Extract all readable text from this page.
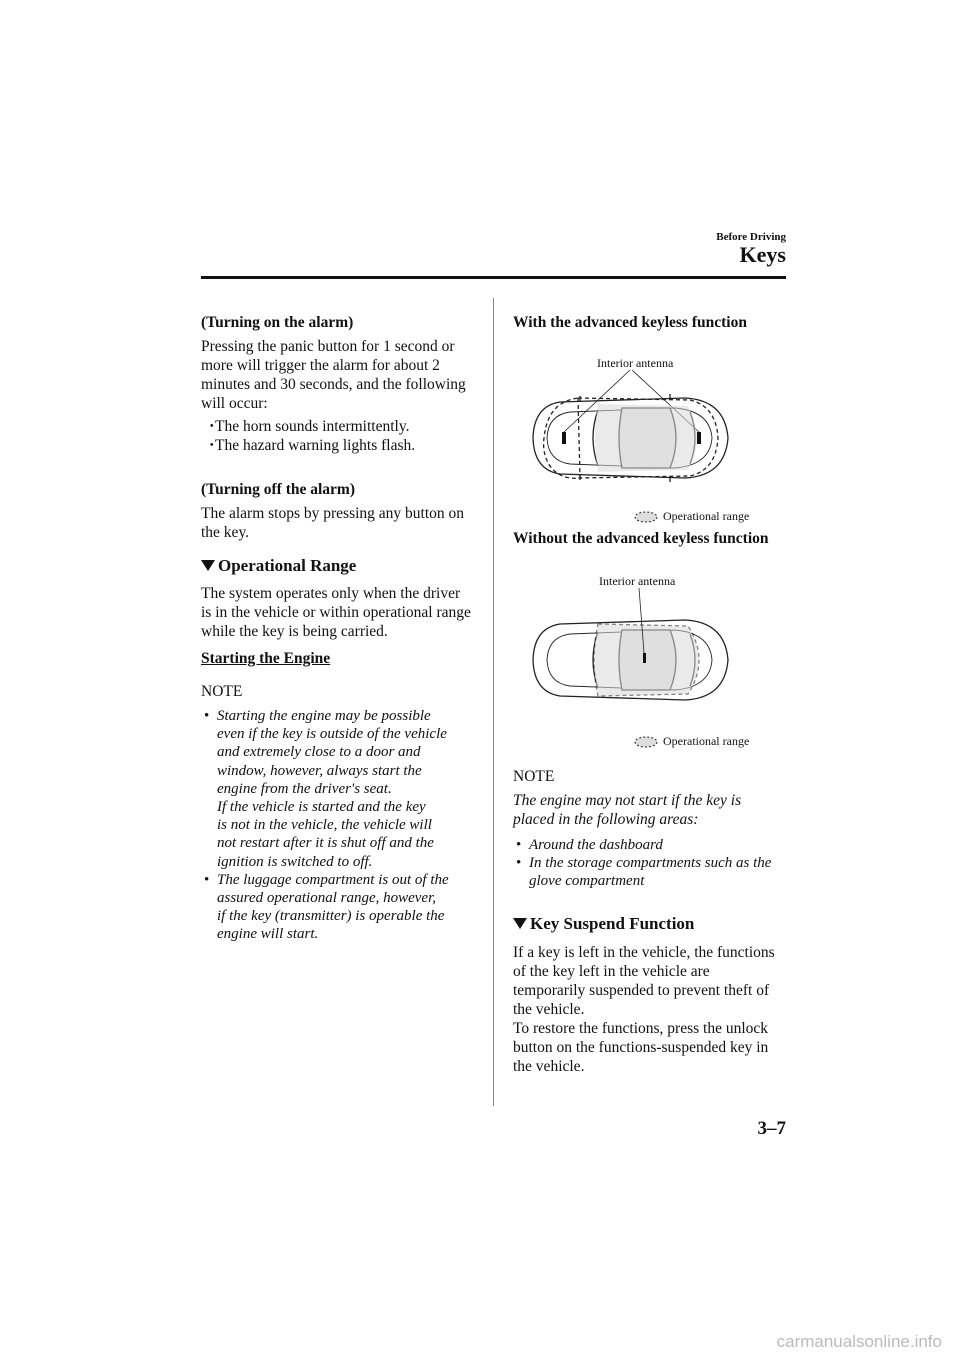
Before Driving
Keys

(Turning on the alarm)

Pressing the panic button for 1 second or more will trigger the alarm for about 2 minutes and 30 seconds, and the following will occur:

・
The horn sounds intermittently.
・
The hazard warning lights flash.

(Turning off the alarm)

The alarm stops by pressing any button on the key.

Operational Range

The system operates only when the driver is in the vehicle or within operational range while the key is being carried.

Starting the Engine

NOTE

• Starting the engine may be possible
even if the key is outside of the vehicle
and extremely close to a door and
window, however, always start the
engine from the driver's seat.
If the vehicle is started and the key
is not in the vehicle, the vehicle will
not restart after it is shut off and the
ignition is switched to off.
• The luggage compartment is out of the
assured operational range, however,
if the key (transmitter) is operable the
engine will start.

With the advanced keyless function

Interior antenna
Operational range
Without the advanced keyless function
Interior antenna
Operational range

NOTE

The engine may not start if the key is placed in the following areas:

• Around the dashboard
• In the storage compartments such as the
glove compartment
Key Suspend Function

If a key is left in the vehicle, the functions of the key left in the vehicle are temporarily suspended to prevent theft of the vehicle.

To restore the functions, press the unlock button on the functions-suspended key in the vehicle.

3–7
carmanualsonline.info
